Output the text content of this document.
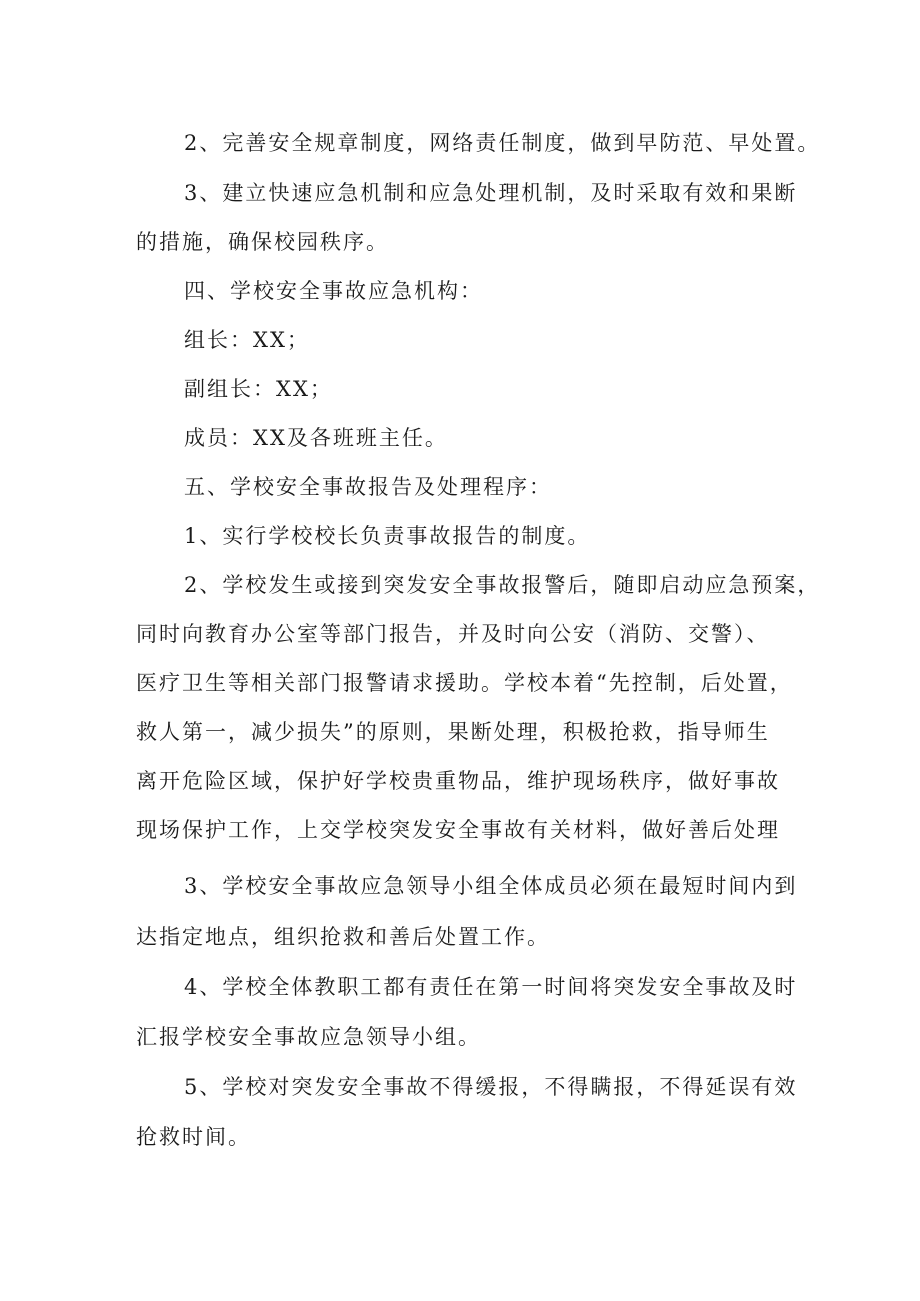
2、完善安全规章制度，网络责任制度，做到早防范、早处置。
3、建立快速应急机制和应急处理机制，及时采取有效和果断
的措施，确保校园秩序。
四、学校安全事故应急机构：
组长：XX；
副组长：XX；
成员：XX及各班班主任。
五、学校安全事故报告及处理程序：
1、实行学校校长负责事故报告的制度。
2、学校发生或接到突发安全事故报警后，随即启动应急预案，
同时向教育办公室等部门报告，并及时向公安（消防、交警）、
医疗卫生等相关部门报警请求援助。学校本着“先控制，后处置，
救人第一，减少损失”的原则，果断处理，积极抢救，指导师生
离开危险区域，保护好学校贵重物品，维护现场秩序，做好事故
现场保护工作，上交学校突发安全事故有关材料，做好善后处理
3、学校安全事故应急领导小组全体成员必须在最短时间内到
达指定地点，组织抢救和善后处置工作。
4、学校全体教职工都有责任在第一时间将突发安全事故及时
汇报学校安全事故应急领导小组。
5、学校对突发安全事故不得缓报，不得瞒报，不得延误有效
抢救时间。
